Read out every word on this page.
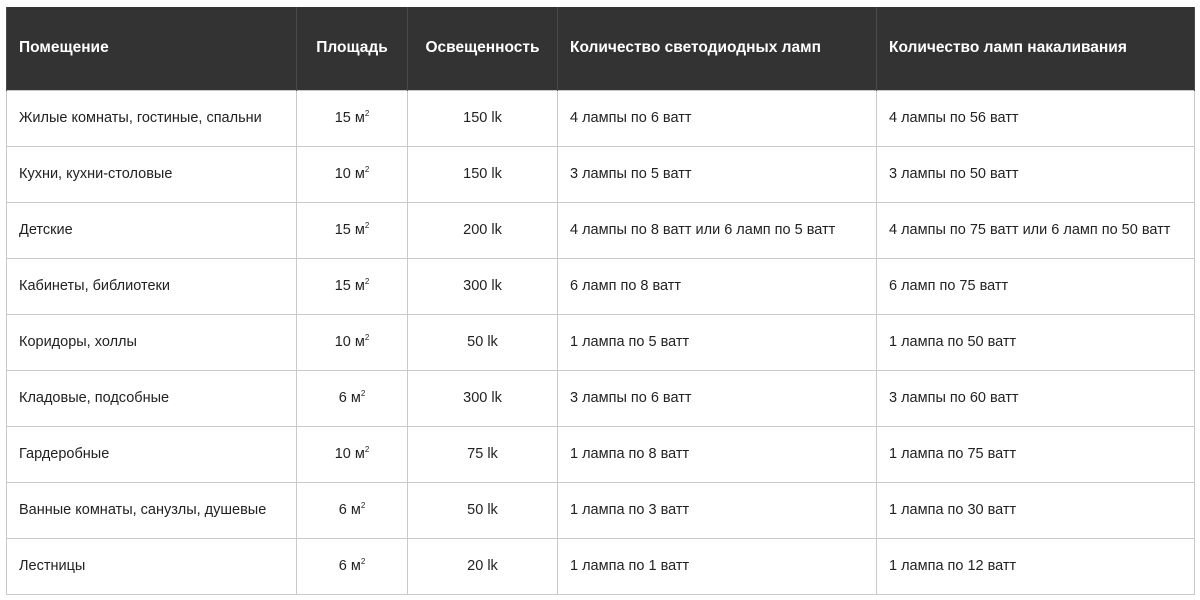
Помещение	Площадь	Освещенность	Количество светодиодных ламп	Количество ламп накаливания
Жилые комнаты, гостиные, спальни	15 $м^2$	150 lk	4 лампы по 6 ватт	4 лампы по 56 ватт
Кухни, кухни-столовые	10 $м^2$	150 lk	3 лампы по 5 ватт	3 лампы по 50 ватт
Детские	15 $м^2$	200 lk	4 лампы по 8 ватт или 6 ламп по 5 ватт	4 лампы по 75 ватт или 6 ламп по 50 ватт
Кабинеты, библиотеки	15 $м^2$	300 lk	6 ламп по 8 ватт	6 ламп по 75 ватт
Коридоры, холлы	10 $м^2$	50 lk	1 лампа по 5 ватт	1 лампа по 50 ватт
Кладовые, подсобные	6 $м^2$	300 lk	3 лампы по 6 ватт	3 лампы по 60 ватт
Гардеробные	10 $м^2$	75 lk	1 лампа по 8 ватт	1 лампа по 75 ватт
Ванные комнаты, санузлы, душевые	6 $м^2$	50 lk	1 лампа по 3 ватт	1 лампа по 30 ватт
Лестницы	6 $м^2$	20 lk	1 лампа по 1 ватт	1 лампа по 12 ватт
